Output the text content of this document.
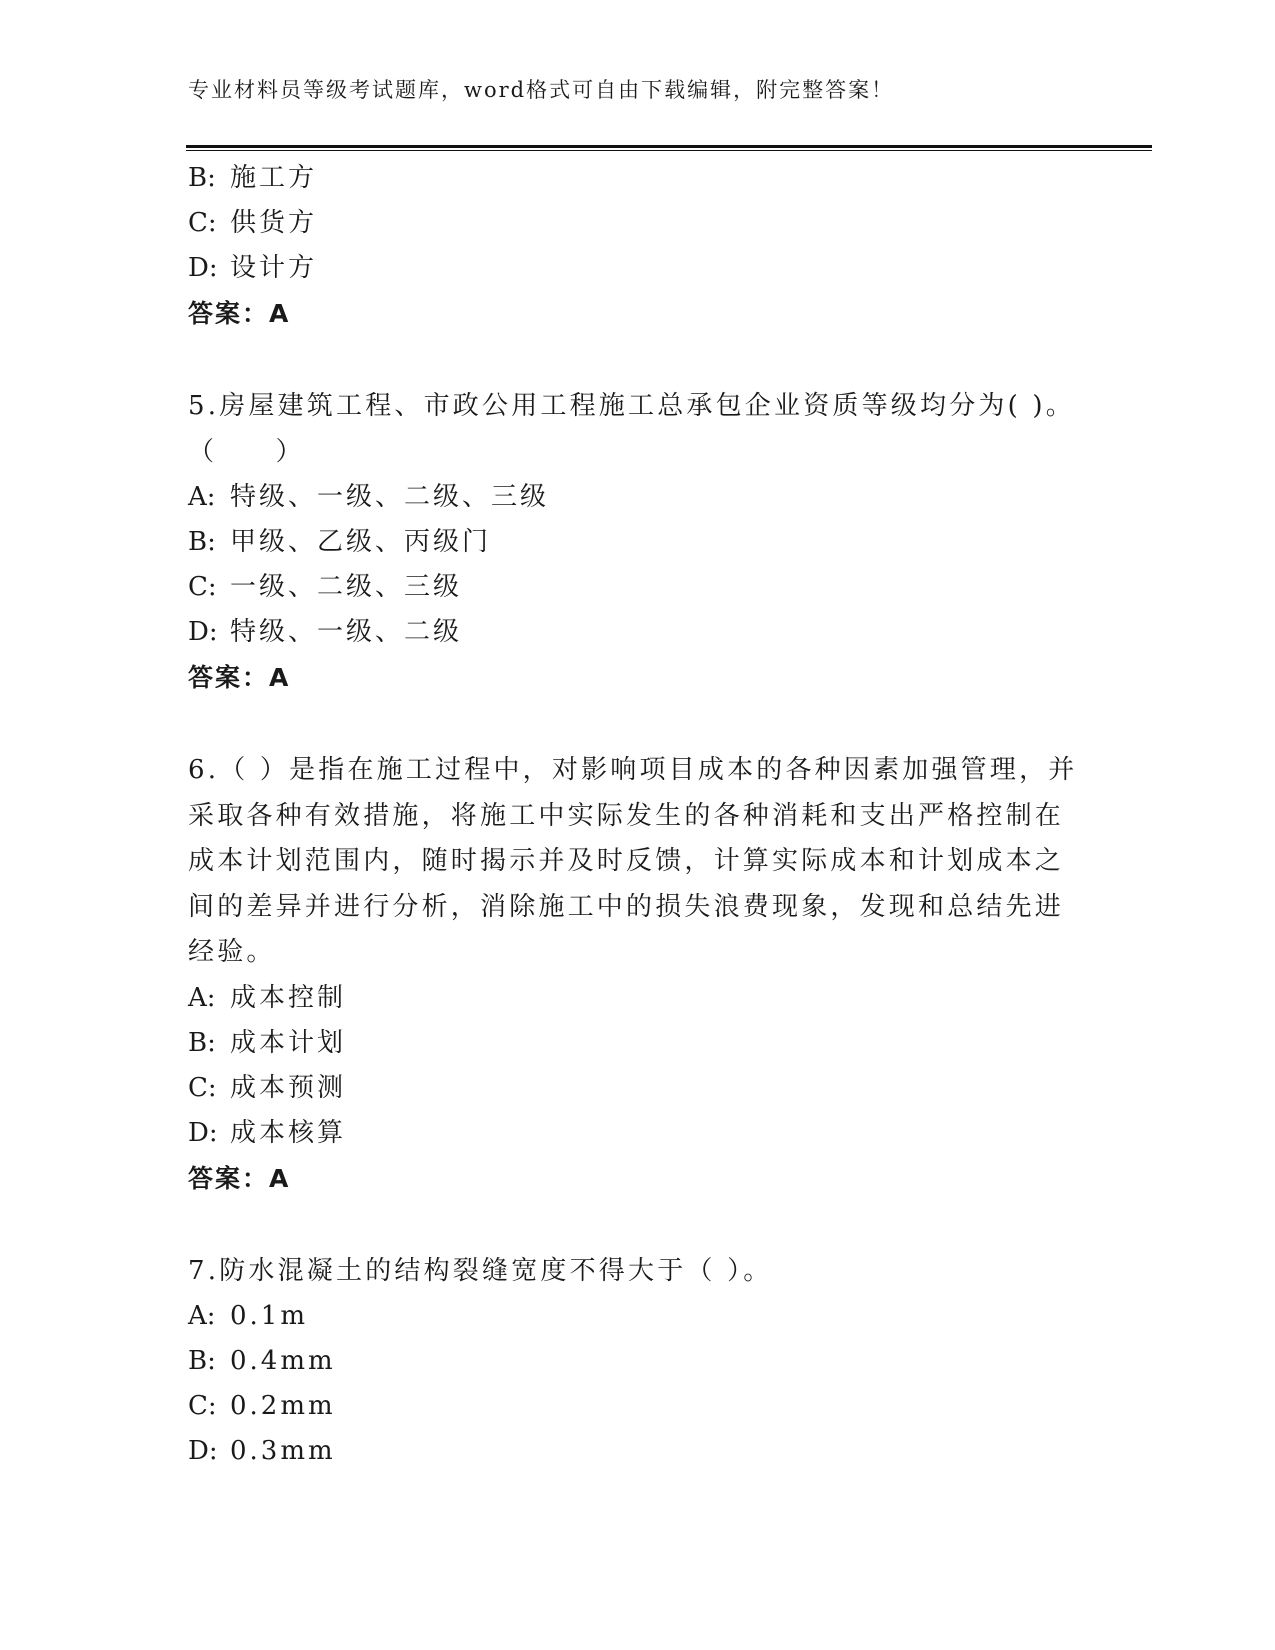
专业材料员等级考试题库，word格式可自由下载编辑，附完整答案！
B: 施工方
C: 供货方
D: 设计方
答案：A
5.房屋建筑工程、市政公用工程施工总承包企业资质等级均分为( )。
（　　）
A: 特级、一级、二级、三级
B: 甲级、乙级、丙级门
C: 一级、二级、三级
D: 特级、一级、二级
答案：A
6.（ ）是指在施工过程中，对影响项目成本的各种因素加强管理，并
采取各种有效措施，将施工中实际发生的各种消耗和支出严格控制在
成本计划范围内，随时揭示并及时反馈，计算实际成本和计划成本之
间的差异并进行分析，消除施工中的损失浪费现象，发现和总结先进
经验。
A: 成本控制
B: 成本计划
C: 成本预测
D: 成本核算
答案：A
7.防水混凝土的结构裂缝宽度不得大于（ ）。
A: 0.1m
B: 0.4mm
C: 0.2mm
D: 0.3mm
